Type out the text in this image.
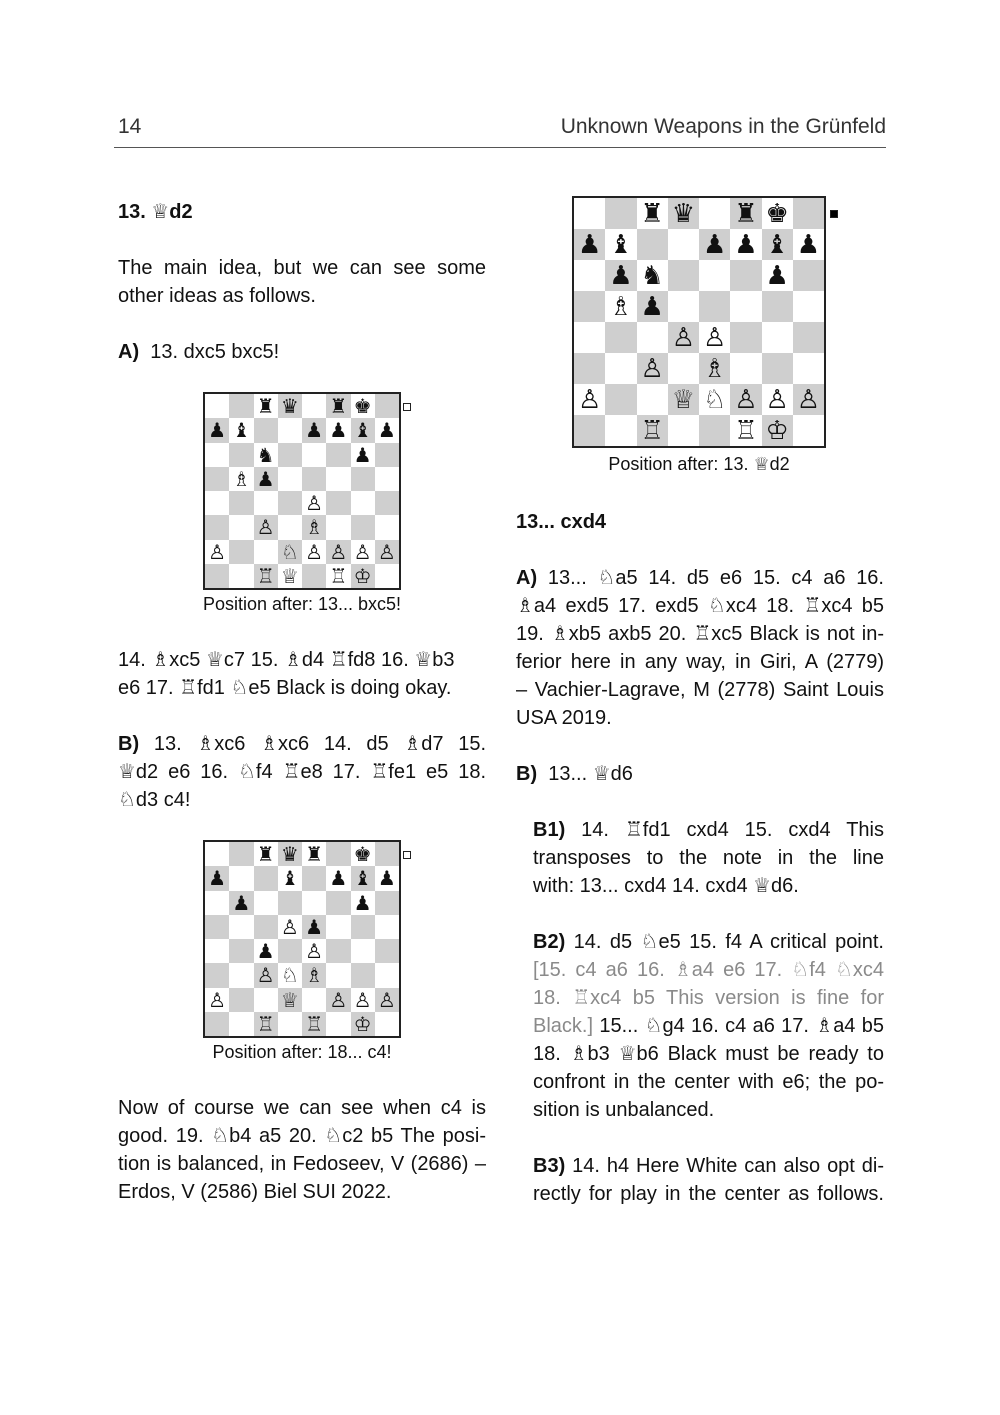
14	Unknown Weapons in the Grünfeld
13. ♕d2
The main idea, but we can see some other ideas as follows.
A) 13. dxc5 bxc5!
♜ ♛ ♜ ♚
♟ ♝	♟ ♟ ♝ ♟
♞	♟
♗ ♟
♙
♙ ♗
♙	♘ ♙ ♙ ♙ ♙
♖ ♕ ♖ ♔
Position after: 13... bxc5!
14. ♗xc5 ♕c7 15. ♗d4 ♖fd8 16. ♕b3
e6 17. ♖fd1 ♘e5 Black is doing okay.
B) 13. ♗xc6 ♗xc6 14. d5 ♗d7 15.
♕d2 e6 16. ♘f4 ♖e8 17. ♖fe1 e5 18.
♘d3 c4!
♜ ♛ ♜ ♚
♟	♝ ♟ ♝ ♟
♟	♟
♙ ♟
♟ ♙
♙ ♘ ♗
♙	♕ ♙ ♙ ♙
♖ ♖ ♔
Position after: 18... c4!
Now of course we can see when c4 is
good. 19. ♘b4 a5 20. ♘c2 b5 The posi-
tion is balanced, in Fedoseev, V (2686) –
Erdos, V (2586) Biel SUI 2022.
♜ ♛ ♜ ♚
♟ ♝	♟ ♟ ♝ ♟
♟ ♞	♟
♗ ♟
♙ ♙
♙ ♗
♙	♕ ♘ ♙ ♙ ♙
♖	♖ ♔
Position after: 13. ♕d2
13... cxd4
A) 13... ♘a5 14. d5 e6 15. c4 a6 16.
♗a4 exd5 17. exd5 ♘xc4 18. ♖xc4 b5
19. ♗xb5 axb5 20. ♖xc5 Black is not in-
ferior here in any way, in Giri, A (2779)
– Vachier-Lagrave, M (2778) Saint Louis
USA 2019.
B) 13... ♕d6
B1) 14. ♖fd1 cxd4 15. cxd4 This
transposes to the note in the line
with: 13... cxd4 14. cxd4 ♕d6.
B2) 14. d5 ♘e5 15. f4 A critical point.
[15. c4 a6 16. ♗a4 e6 17. ♘f4 ♘xc4
18. ♖xc4 b5 This version is fine for
Black.] 15... ♘g4 16. c4 a6 17. ♗a4 b5
18. ♗b3 ♕b6 Black must be ready to
confront in the center with e6; the po-
sition is unbalanced.
B3) 14. h4 Here White can also opt di-
rectly for play in the center as follows.
